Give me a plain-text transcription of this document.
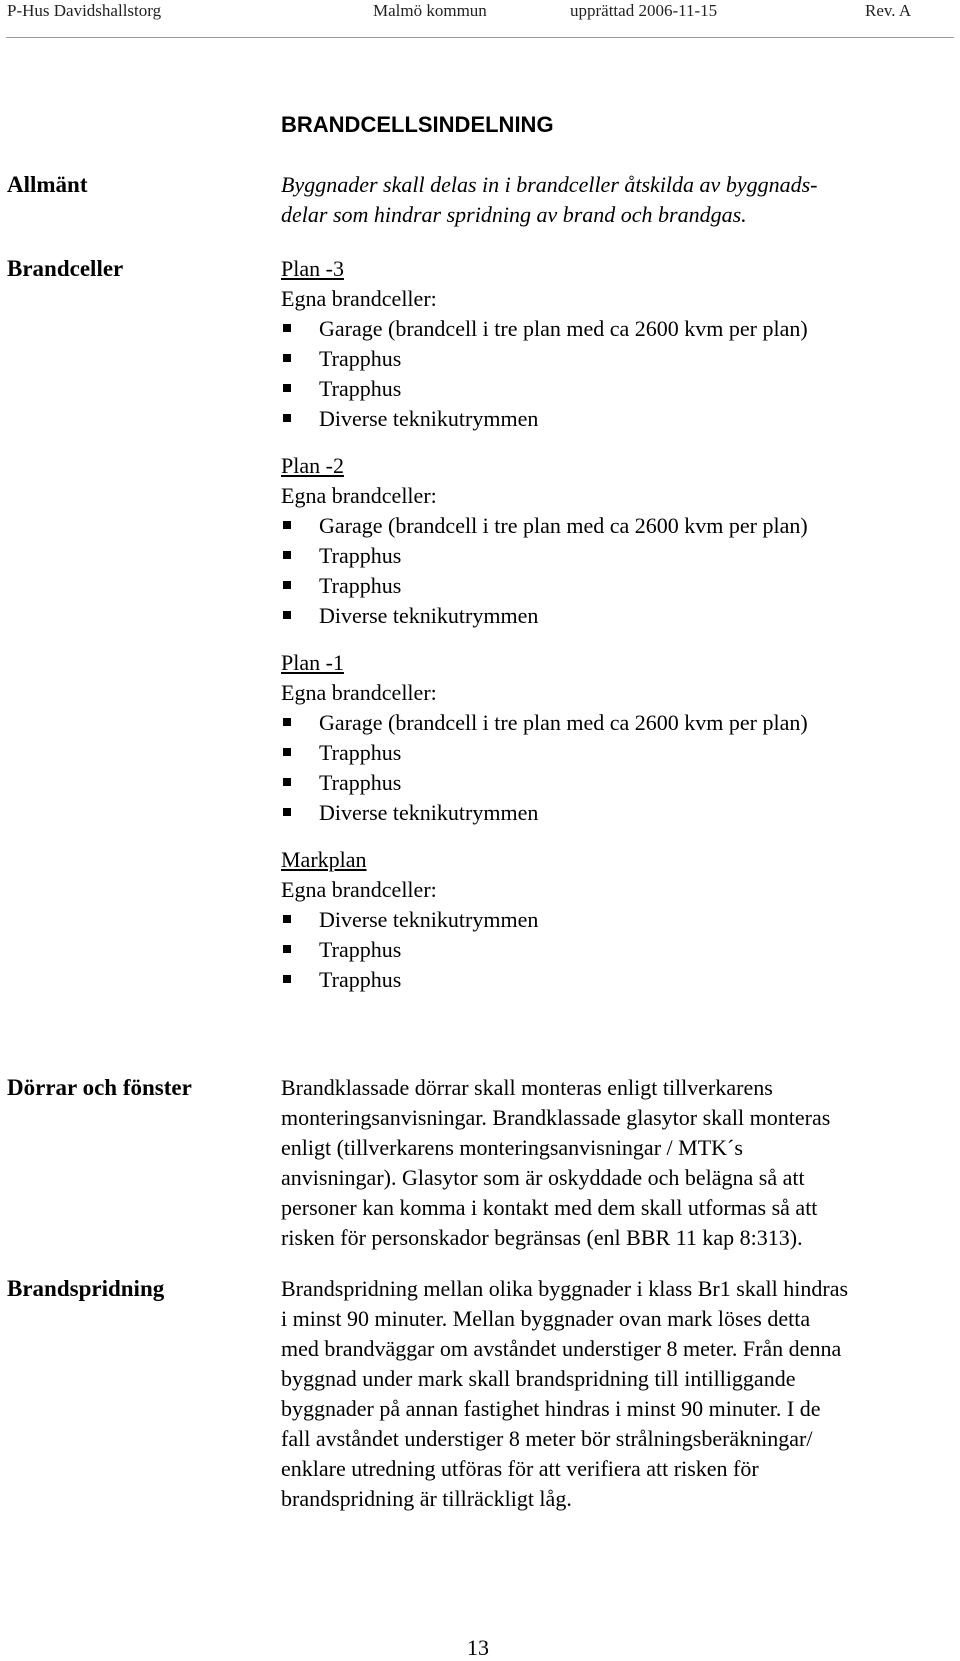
P-Hus Davidshallstorg	Malmö kommun	upprättad 2006-11-15	Rev. A
BRANDCELLSINDELNING
Allmänt	Byggnader skall delas in i brandceller åtskilda av byggnads-
delar som hindrar spridning av brand och brandgas.
Brandceller	Plan -3
Egna brandceller:
Garage (brandcell i tre plan med ca 2600 kvm per plan)
Trapphus
Trapphus
Diverse teknikutrymmen
Plan -2
Egna brandceller:
Garage (brandcell i tre plan med ca 2600 kvm per plan)
Trapphus
Trapphus
Diverse teknikutrymmen
Plan -1
Egna brandceller:
Garage (brandcell i tre plan med ca 2600 kvm per plan)
Trapphus
Trapphus
Diverse teknikutrymmen
Markplan
Egna brandceller:
Diverse teknikutrymmen
Trapphus
Trapphus
Dörrar och fönster	Brandklassade dörrar skall monteras enligt tillverkarens
monteringsanvisningar. Brandklassade glasytor skall monteras
enligt (tillverkarens monteringsanvisningar / MTK´s
anvisningar). Glasytor som är oskyddade och belägna så att
personer kan komma i kontakt med dem skall utformas så att
risken för personskador begränsas (enl BBR 11 kap 8:313).
Brandspridning	Brandspridning mellan olika byggnader i klass Br1 skall hindras
i minst 90 minuter. Mellan byggnader ovan mark löses detta
med brandväggar om avståndet understiger 8 meter. Från denna
byggnad under mark skall brandspridning till intilliggande
byggnader på annan fastighet hindras i minst 90 minuter. I de
fall avståndet understiger 8 meter bör strålningsberäkningar/
enklare utredning utföras för att verifiera att risken för
brandspridning är tillräckligt låg.
13
